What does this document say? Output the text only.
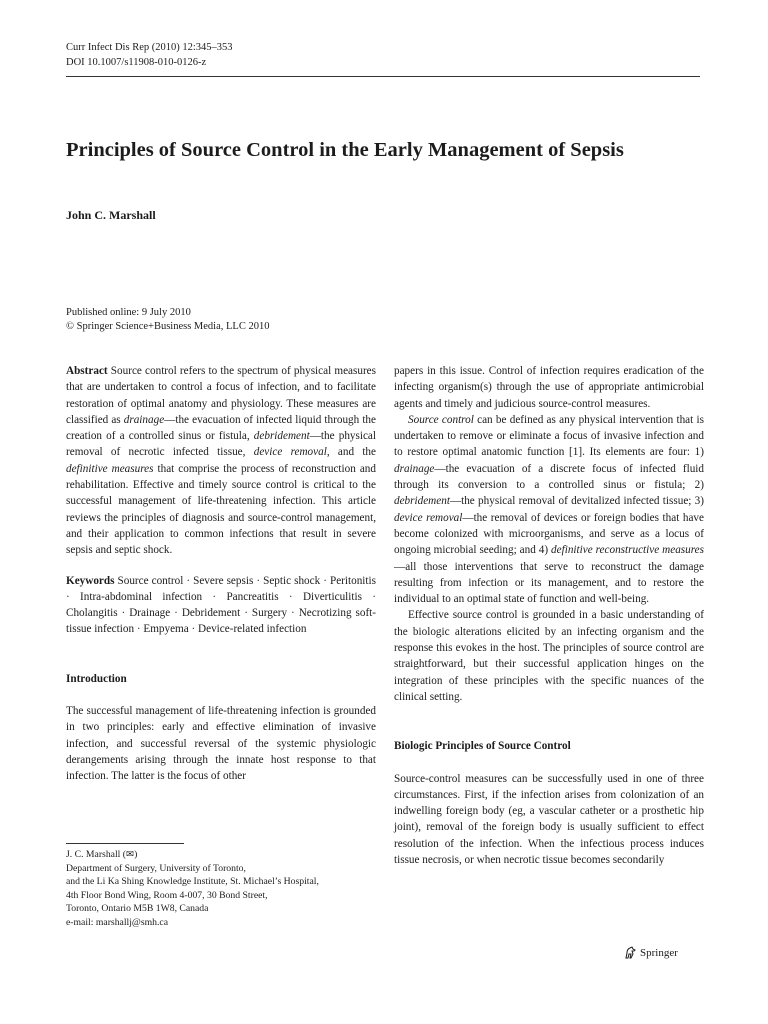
Curr Infect Dis Rep (2010) 12:345–353
DOI 10.1007/s11908-010-0126-z
Principles of Source Control in the Early Management of Sepsis
John C. Marshall
Published online: 9 July 2010
© Springer Science+Business Media, LLC 2010

Abstract Source control refers to the spectrum of physical measures that are undertaken to control a focus of infection, and to facilitate restoration of optimal anatomy and physiology. These measures are classified as drainage—the evacuation of infected liquid through the creation of a controlled sinus or fistula, debridement—the physical removal of necrotic infected tissue, device removal, and the definitive measures that comprise the process of reconstruction and rehabilitation. Effective and timely source control is critical to the successful management of life-threatening infection. This article reviews the principles of diagnosis and source-control management, and their application to common infections that result in severe sepsis and septic shock.

Keywords Source control · Severe sepsis · Septic shock · Peritonitis · Intra-abdominal infection · Pancreatitis · Diverticulitis · Cholangitis · Drainage · Debridement · Surgery · Necrotizing soft-tissue infection · Empyema · Device-related infection

Introduction

The successful management of life-threatening infection is grounded in two principles: early and effective elimination of invasive infection, and successful reversal of the systemic physiologic derangements arising through the innate host response to that infection. The latter is the focus of other

papers in this issue. Control of infection requires eradication of the infecting organism(s) through the use of appropriate antimicrobial agents and timely and judicious source-control measures.

Source control can be defined as any physical intervention that is undertaken to remove or eliminate a focus of invasive infection and to restore optimal anatomic function [1]. Its elements are four: 1) drainage—the evacuation of a discrete focus of infected fluid through its conversion to a controlled sinus or fistula; 2) debridement—the physical removal of devitalized infected tissue; 3) device removal—the removal of devices or foreign bodies that have become colonized with microorganisms, and serve as a locus of ongoing microbial seeding; and 4) definitive reconstructive measures—all those interventions that serve to reconstruct the damage resulting from infection or its management, and to restore the individual to an optimal state of function and well-being.

Effective source control is grounded in a basic understanding of the biologic alterations elicited by an infecting organism and the response this evokes in the host. The principles of source control are straightforward, but their successful application hinges on the integration of these principles with the specific nuances of the clinical setting.

Biologic Principles of Source Control

Source-control measures can be successfully used in one of three circumstances. First, if the infection arises from colonization of an indwelling foreign body (eg, a vascular catheter or a prosthetic hip joint), removal of the foreign body is usually sufficient to effect resolution of the infection. When the infectious process induces tissue necrosis, or when necrotic tissue becomes secondarily

J. C. Marshall (✉)
Department of Surgery, University of Toronto,
and the Li Ka Shing Knowledge Institute, St. Michael’s Hospital,
4th Floor Bond Wing, Room 4-007, 30 Bond Street,
Toronto, Ontario M5B 1W8, Canada
e-mail: marshallj@smh.ca
Springer
